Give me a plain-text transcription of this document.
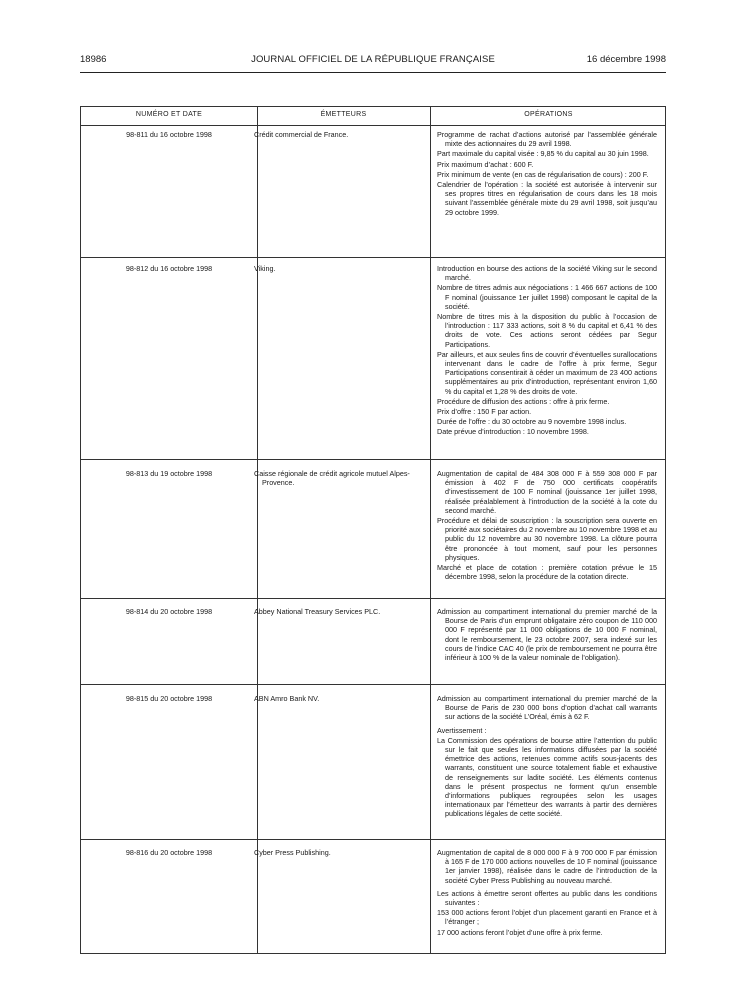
18986	JOURNAL OFFICIEL DE LA RÉPUBLIQUE FRANÇAISE	16 décembre 1998
NUMÉRO ET DATE	ÉMETTEURS	OPÉRATIONS
98-811 du 16 octobre 1998	Crédit commercial de France.	Programme de rachat d’actions autorisé par l’assemblée générale mixte des actionnaires du 29 avril 1998.

Part maximale du capital visée : 9,85 % du capital au 30 juin 1998.

Prix maximum d’achat : 600 F.

Prix minimum de vente (en cas de régularisation de cours) : 200 F.

Calendrier de l’opération : la société est autorisée à intervenir sur ses propres titres en régularisation de cours dans les 18 mois suivant l’assemblée générale mixte du 29 avril 1998, soit jusqu’au 29 octobre 1999.

98-812 du 16 octobre 1998	Viking.	Introduction en bourse des actions de la société Viking sur le second marché.

Nombre de titres admis aux négociations : 1 466 667 actions de 100 F nominal (jouissance 1er juillet 1998) composant le capital de la société.

Nombre de titres mis à la disposition du public à l’occasion de l’introduction : 117 333 actions, soit 8 % du capital et 6,41 % des droits de vote. Ces actions seront cédées par Segur Participations.

Par ailleurs, et aux seules fins de couvrir d’éventuelles surallocations intervenant dans le cadre de l’offre à prix ferme, Segur Participations consentirait à céder un maximum de 23 400 actions supplémentaires au prix d’introduction, représentant environ 1,60 % du capital et 1,28 % des droits de vote.

Procédure de diffusion des actions : offre à prix ferme.

Prix d’offre : 150 F par action.

Durée de l’offre : du 30 octobre au 9 novembre 1998 inclus.

Date prévue d’introduction : 10 novembre 1998.

98-813 du 19 octobre 1998	Caisse régionale de crédit agricole mutuel Alpes-Provence.

Augmentation de capital de 484 308 000 F à 559 308 000 F par émission à 402 F de 750 000 certificats coopératifs d’investissement de 100 F nominal (jouissance 1er juillet 1998, réalisée préalablement à l’introduction de la société à la cote du second marché.

Procédure et délai de souscription : la souscription sera ouverte en priorité aux sociétaires du 2 novembre au 10 novembre 1998 et au public du 12 novembre au 30 novembre 1998. La clôture pourra être prononcée à tout moment, sauf pour les personnes physiques.

Marché et place de cotation : première cotation prévue le 15 décembre 1998, selon la procédure de la cotation directe.

98-814 du 20 octobre 1998	Abbey National Treasury Services PLC.	Admission au compartiment international du premier marché de la Bourse de Paris d’un emprunt obligataire zéro coupon de 110 000 000 F représenté par 11 000 obligations de 10 000 F nominal, dont le remboursement, le 23 octobre 2007, sera indexé sur les cours de l’indice CAC 40 (le prix de remboursement ne pourra être inférieur à 100 % de la valeur nominale de l’obligation).

98-815 du 20 octobre 1998	ABN Amro Bank NV.	Admission au compartiment international du premier marché de la Bourse de Paris de 230 000 bons d’option d’achat call warrants sur actions de la société L’Oréal, émis à 62 F.

Avertissement :

La Commission des opérations de bourse attire l’attention du public sur le fait que seules les informations diffusées par la société émettrice des actions, retenues comme actifs sous-jacents des warrants, constituent une source totalement fiable et exhaustive de renseignements sur ladite société. Les éléments contenus dans le présent prospectus ne forment qu’un ensemble d’informations publiques regroupées selon les usages internationaux par l’émetteur des warrants à partir des dernières publications légales de cette société.

98-816 du 20 octobre 1998	Cyber Press Publishing.	Augmentation de capital de 8 000 000 F à 9 700 000 F par émission à 165 F de 170 000 actions nouvelles de 10 F nominal (jouissance 1er janvier 1998), réalisée dans le cadre de l’introduction de la société Cyber Press Publishing au nouveau marché.

Les actions à émettre seront offertes au public dans les conditions suivantes :

153 000 actions feront l’objet d’un placement garanti en France et à l’étranger ;

17 000 actions feront l’objet d’une offre à prix ferme.
